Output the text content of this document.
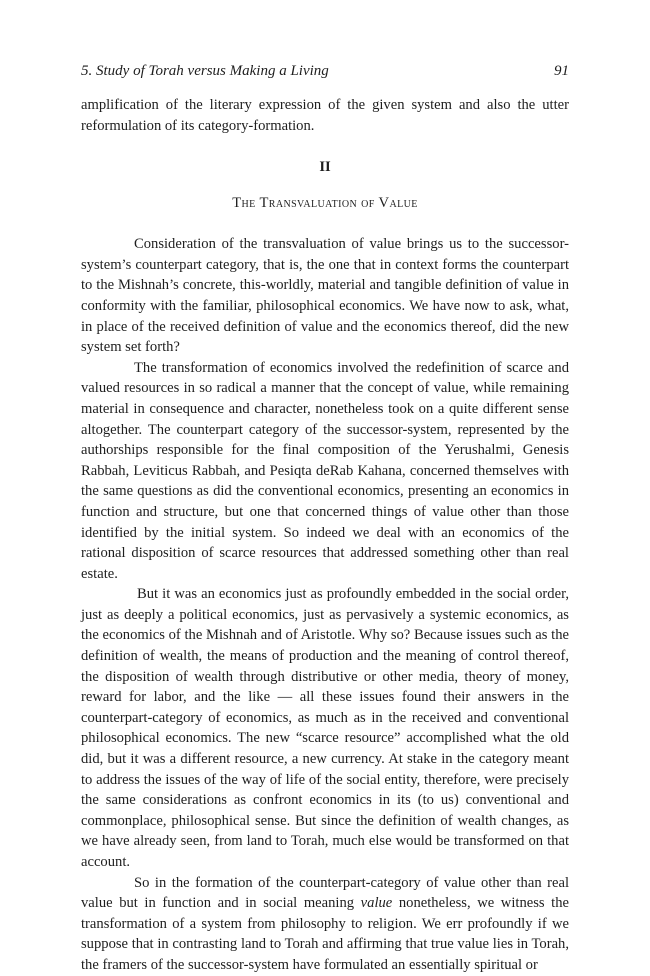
5. Study of Torah versus Making a Living	91

amplification of the literary expression of the given system and also the utter reformulation of its category-formation.

II
The Transvaluation of Value

Consideration of the transvaluation of value brings us to the successor-system’s counterpart category, that is, the one that in context forms the counterpart to the Mishnah’s concrete, this-worldly, material and tangible definition of value in conformity with the familiar, philosophical economics. We have now to ask, what, in place of the received definition of value and the economics thereof, did the new system set forth?

The transformation of economics involved the redefinition of scarce and valued resources in so radical a manner that the concept of value, while remaining material in consequence and character, nonetheless took on a quite different sense altogether. The counterpart category of the successor-system, represented by the authorships responsible for the final composition of the Yerushalmi, Genesis Rabbah, Leviticus Rabbah, and Pesiqta deRab Kahana, concerned themselves with the same questions as did the conventional economics, presenting an economics in function and structure, but one that concerned things of value other than those identified by the initial system. So indeed we deal with an economics of the rational disposition of scarce resources that addressed something other than real estate.

But it was an economics just as profoundly embedded in the social order, just as deeply a political economics, just as pervasively a systemic economics, as the economics of the Mishnah and of Aristotle. Why so? Because issues such as the definition of wealth, the means of production and the meaning of control thereof, the disposition of wealth through distributive or other media, theory of money, reward for labor, and the like — all these issues found their answers in the counterpart-category of economics, as much as in the received and conventional philosophical economics. The new “scarce resource” accomplished what the old did, but it was a different resource, a new currency. At stake in the category meant to address the issues of the way of life of the social entity, therefore, were precisely the same considerations as confront economics in its (to us) conventional and commonplace, philosophical sense. But since the definition of wealth changes, as we have already seen, from land to Torah, much else would be transformed on that account.

So in the formation of the counterpart-category of value other than real value but in function and in social meaning value nonetheless, we witness the transformation of a system from philosophy to religion. We err profoundly if we suppose that in contrasting land to Torah and affirming that true value lies in Torah, the framers of the successor-system have formulated an essentially spiritual or
